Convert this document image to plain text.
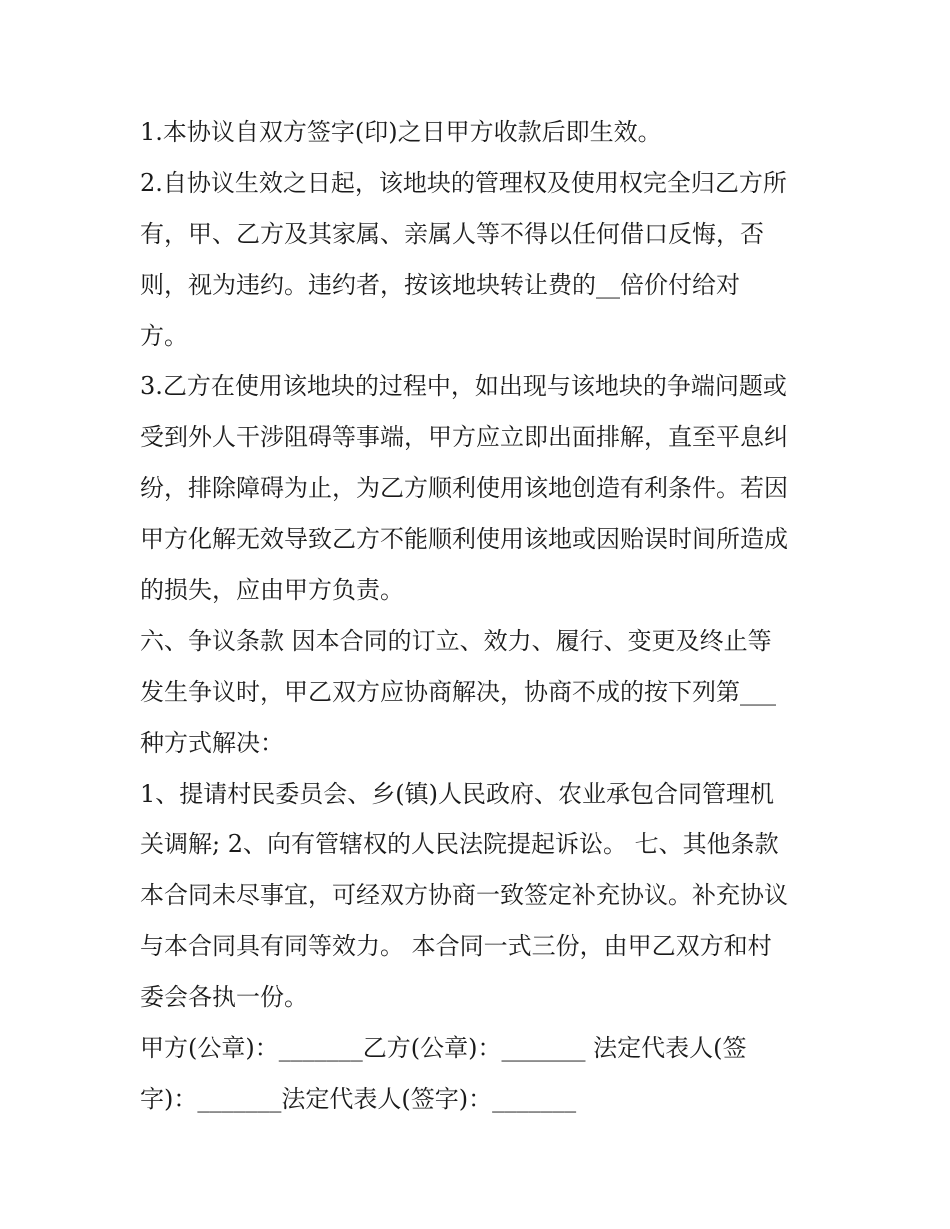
1.本协议自双方签字(印)之日甲方收款后即生效。
2.自协议生效之日起，该地块的管理权及使用权完全归乙方所
有，甲、乙方及其家属、亲属人等不得以任何借口反悔，否
则，视为违约。违约者，按该地块转让费的__倍价付给对
方。
3.乙方在使用该地块的过程中，如出现与该地块的争端问题或
受到外人干涉阻碍等事端，甲方应立即出面排解，直至平息纠
纷，排除障碍为止，为乙方顺利使用该地创造有利条件。若因
甲方化解无效导致乙方不能顺利使用该地或因贻误时间所造成
的损失，应由甲方负责。
六、争议条款 因本合同的订立、效力、履行、变更及终止等
发生争议时，甲乙双方应协商解决，协商不成的按下列第___
种方式解决：
1、提请村民委员会、乡(镇)人民政府、农业承包合同管理机
关调解; 2、向有管辖权的人民法院提起诉讼。 七、其他条款
本合同未尽事宜，可经双方协商一致签定补充协议。补充协议
与本合同具有同等效力。 本合同一式三份，由甲乙双方和村
委会各执一份。
甲方(公章)：_______乙方(公章)：_______ 法定代表人(签
字)：_______法定代表人(签字)：_______
